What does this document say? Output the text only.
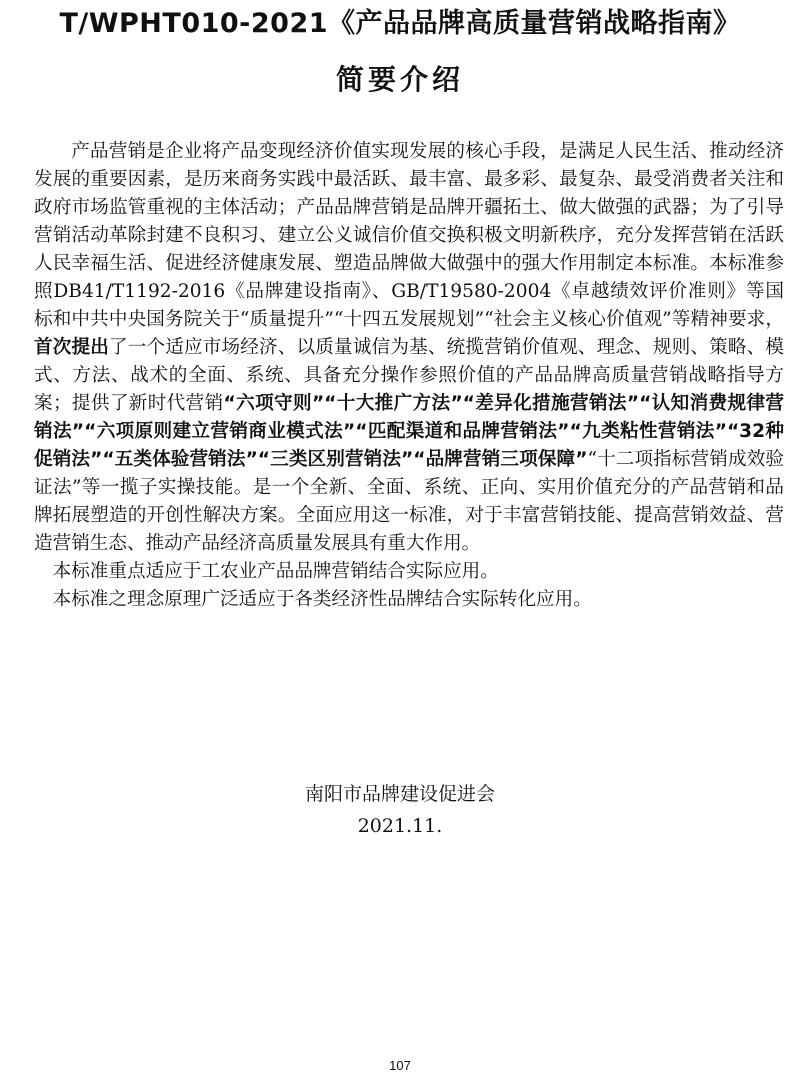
T/WPHT010-2021《产品品牌高质量营销战略指南》
简要介绍

产品营销是企业将产品变现经济价值实现发展的核心手段，是满足人民生活、推动经济发展的重要因素，是历来商务实践中最活跃、最丰富、最多彩、最复杂、最受消费者关注和政府市场监管重视的主体活动；产品品牌营销是品牌开疆拓土、做大做强的武器；为了引导营销活动革除封建不良积习、建立公义诚信价值交换积极文明新秩序，充分发挥营销在活跃人民幸福生活、促进经济健康发展、塑造品牌做大做强中的强大作用制定本标准。本标准参照DB41/T1192-2016《品牌建设指南》、GB/T19580-2004《卓越绩效评价准则》等国标和中共中央国务院关于“质量提升”“十四五发展规划”“社会主义核心价值观”等精神要求，首次提出了一个适应市场经济、以质量诚信为基、统揽营销价值观、理念、规则、策略、模式、方法、战术的全面、系统、具备充分操作参照价值的产品品牌高质量营销战略指导方案；提供了新时代营销“六项守则”“十大推广方法”“差异化措施营销法”“认知消费规律营销法”“六项原则建立营销商业模式法”“匹配渠道和品牌营销法”“九类粘性营销法”“32种促销法”“五类体验营销法”“三类区别营销法”“品牌营销三项保障”“十二项指标营销成效验证法”等一揽子实操技能。是一个全新、全面、系统、正向、实用价值充分的产品营销和品牌拓展塑造的开创性解决方案。全面应用这一标准，对于丰富营销技能、提高营销效益、营造营销生态、推动产品经济高质量发展具有重大作用。

本标准重点适应于工农业产品品牌营销结合实际应用。

本标准之理念原理广泛适应于各类经济性品牌结合实际转化应用。

南阳市品牌建设促进会
2021.11.
107
